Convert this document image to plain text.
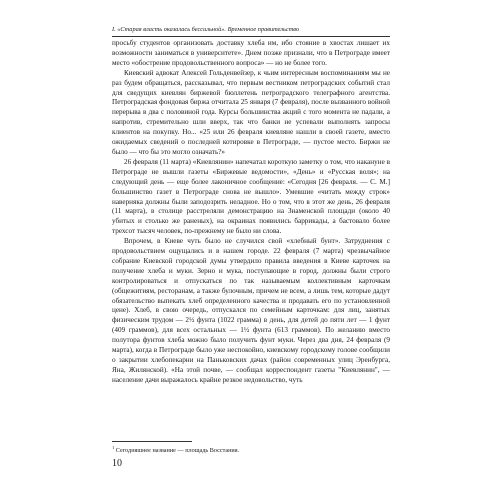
I. «Старая власть оказалась бессильной». Временное правительство

просьбу студентов организовать доставку хлеба им, ибо стояние в хвостах лишает их возможности заниматься в университете». Днем позже признали, что в Петрограде имеет место «обострение продовольственного вопроса» — но не более того.

Киевский адвокат Алексей Гольденвейзер, к чьим интересным воспоминаниям мы не раз будем обращаться, рассказывал, что первым вестником петроградских событий стал для сведущих киевлян биржевой бюллетень петроградского телеграфного агентства. Петроградская фондовая биржа отчитала 25 января (7 февраля), после вызванного войной перерыва в два с половиной года. Курсы большинства акций с того момента не падали, а напротив, стремительно шли вверх, так что банки не успевали выполнять запросы клиентов на покупку. Но... «25 или 26 февраля киевляне нашли в своей газете, вместо ожидаемых сведений о последней котировке в Петрограде, — пустое место. Биржи не было — что бы это могло означать?»

26 февраля (11 марта) «Киевлянин» напечатал короткую заметку о том, что накануне в Петрограде не вышли газеты «Биржевые ведомости», «День» и «Русская воля»; на следующий день — еще более лаконичное сообщение: «Сегодня [26 февраля. — С. М.] большинство газет в Петрограде снова не вышло». Умевшие «читать между строк» наверняка должны были заподозрить неладное. Но о том, что в этот же день, 26 февраля (11 марта), в столице расстреляли демонстрацию на Знаменской площади (около 40 убитых и столько же раненых), на окраинах появились баррикады, а бастовало более трехсот тысяч человек, по-прежнему не было ни слова.

Впрочем, в Киеве чуть было не случился свой «хлебный бунт». Затруднения с продовольствием ощущались и в нашем городе. 22 февраля (7 марта) чрезвычайное собрание Киевской городской думы утвердило правила введения в Киеве карточек на получение хлеба и муки. Зерно и мука, поступающие в город, должны были строго контролироваться и отпускаться по так называемым коллективным карточкам (общежитиям, ресторанам, а также булочным, причем не всем, а лишь тем, которые дадут обязательство выпекать хлеб определенного качества и продавать его по установленной цене). Хлеб, в свою очередь, отпускался по семейным карточкам: для лиц, занятых физическим трудом — 2½ фунта (1022 грамма) в день, для детей до пяти лет — 1 фунт (409 граммов), для всех остальных — 1½ фунта (613 граммов). По желанию вместо полутора фунтов хлеба можно было получить фунт муки. Через два дня, 24 февраля (9 марта), когда в Петрограде было уже неспокойно, киевскому городскому голове сообщили о закрытии хлебопекарни на Паньковских дачах (район современных улиц Эренбурга, Яна, Жилянской). «На этой почве, — сообщал корреспондент газеты "Киевлянин", — население дачи выражалось крайне резкое недовольство, чуть

$^1$ Сегодняшнее название — площадь Восстания.
10
